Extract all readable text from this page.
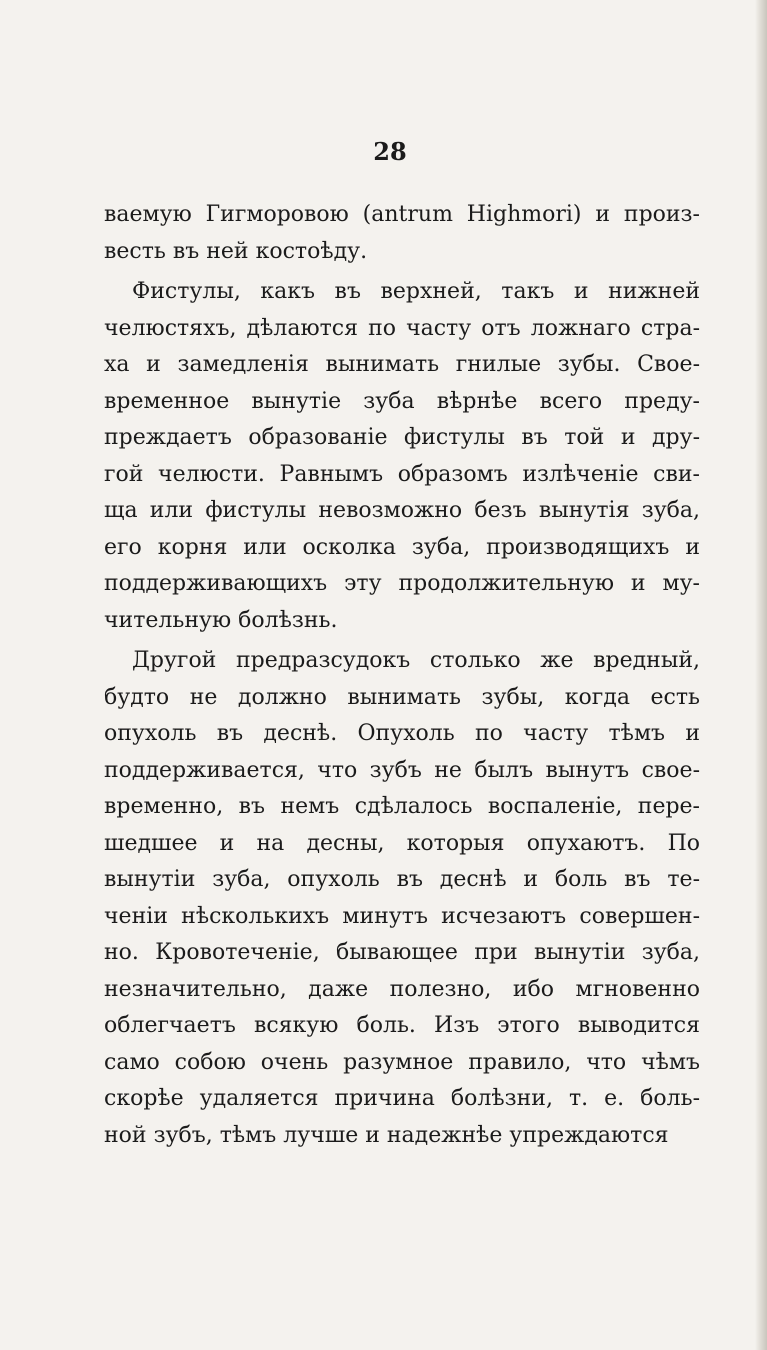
28
ваемую Гигморовою (antrum Highmori) и произ-
весть въ ней костоѣду.
Фистулы, какъ въ верхней, такъ и нижней
челюстяхъ, дѣлаются по часту отъ ложнаго стра-
ха и замедленія вынимать гнилые зубы. Свое-
временное вынутіе зуба вѣрнѣе всего преду-
преждаетъ образованіе фистулы въ той и дру-
гой челюсти. Равнымъ образомъ излѣченіе сви-
ща или фистулы невозможно безъ вынутія зуба,
его корня или осколка зуба, производящихъ и
поддерживающихъ эту продолжительную и му-
чительную болѣзнь.
Другой предразсудокъ столько же вредный,
будто не должно вынимать зубы, когда есть
опухоль въ деснѣ. Опухоль по часту тѣмъ и
поддерживается, что зубъ не былъ вынутъ свое-
временно, въ немъ сдѣлалось воспаленіе, пере-
шедшее и на десны, которыя опухаютъ. По
вынутіи зуба, опухоль въ деснѣ и боль въ те-
ченіи нѣсколькихъ минутъ исчезаютъ совершен-
но. Кровотеченіе, бывающее при вынутіи зуба,
незначительно, даже полезно, ибо мгновенно
облегчаетъ всякую боль. Изъ этого выводится
само собою очень разумное правило, что чѣмъ
скорѣе удаляется причина болѣзни, т. е. боль-
ной зубъ, тѣмъ лучше и надежнѣе упреждаются
